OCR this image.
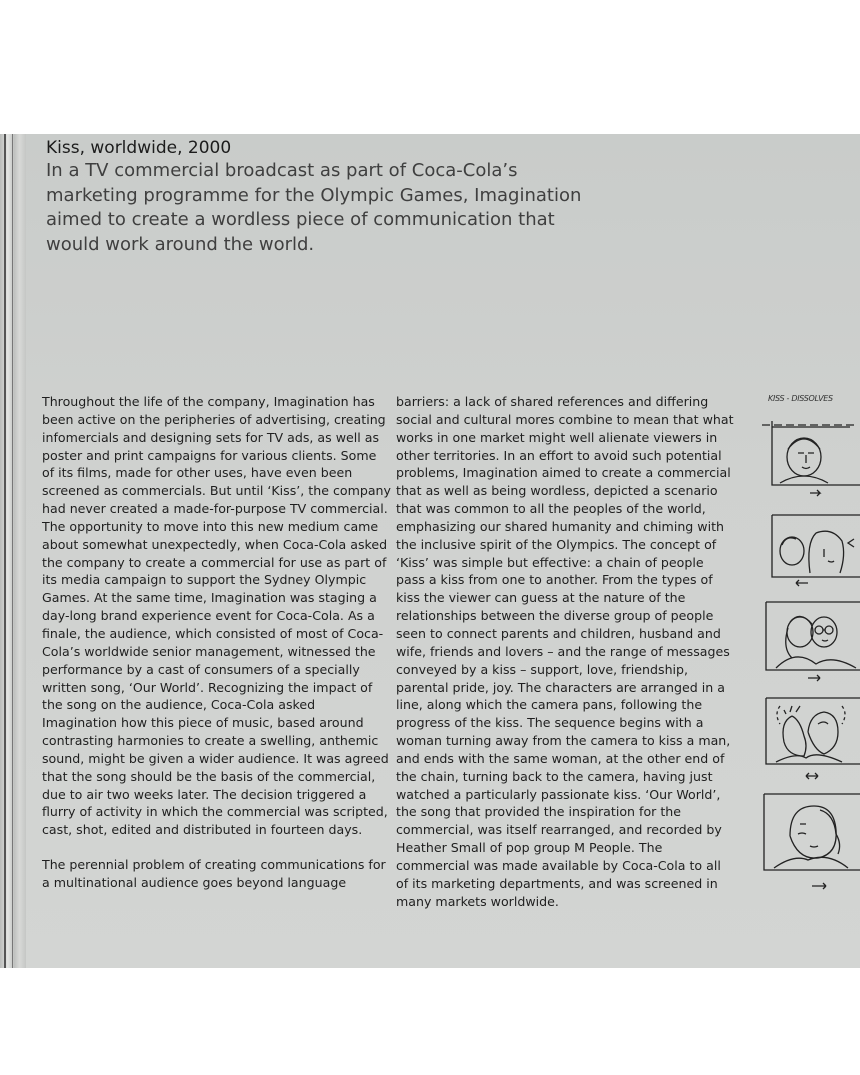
Kiss, worldwide, 2000

In a TV commercial broadcast as part of Coca-Cola’s marketing programme for the Olympic Games, Imagination aimed to create a wordless piece of communication that would work around the world.

Throughout the life of the company, Imagination has been active on the peripheries of advertising, creating infomercials and designing sets for TV ads, as well as poster and print campaigns for various clients. Some of its films, made for other uses, have even been screened as commercials. But until ‘Kiss’, the company had never created a made-for-purpose TV commercial. The opportunity to move into this new medium came about somewhat unexpectedly, when Coca-Cola asked the company to create a commercial for use as part of its media campaign to support the Sydney Olympic Games. At the same time, Imagination was staging a day-long brand experience event for Coca-Cola. As a finale, the audience, which consisted of most of Coca-Cola’s worldwide senior management, witnessed the performance by a cast of consumers of a specially written song, ‘Our World’. Recognizing the impact of the song on the audience, Coca-Cola asked Imagination how this piece of music, based around contrasting harmonies to create a swelling, anthemic sound, might be given a wider audience. It was agreed that the song should be the basis of the commercial, due to air two weeks later. The decision triggered a flurry of activity in which the commercial was scripted, cast, shot, edited and distributed in fourteen days.

The perennial problem of creating communications for a multinational audience goes beyond language

barriers: a lack of shared references and differing social and cultural mores combine to mean that what works in one market might well alienate viewers in other territories. In an effort to avoid such potential problems, Imagination aimed to create a commercial that as well as being wordless, depicted a scenario that was common to all the peoples of the world, emphasizing our shared humanity and chiming with the inclusive spirit of the Olympics. The concept of ‘Kiss’ was simple but effective: a chain of people pass a kiss from one to another. From the types of kiss the viewer can guess at the nature of the relationships between the diverse group of people seen to connect parents and children, husband and wife, friends and lovers – and the range of messages conveyed by a kiss – support, love, friendship, parental pride, joy. The characters are arranged in a line, along which the camera pans, following the progress of the kiss. The sequence begins with a woman turning away from the camera to kiss a man, and ends with the same woman, at the other end of the chain, turning back to the camera, having just watched a particularly passionate kiss. ‘Our World’, the song that provided the inspiration for the commercial, was itself rearranged, and recorded by Heather Small of pop group M People. The commercial was made available by Coca-Cola to all of its marketing departments, and was screened in many markets worldwide.

KISS - DISSOLVES
